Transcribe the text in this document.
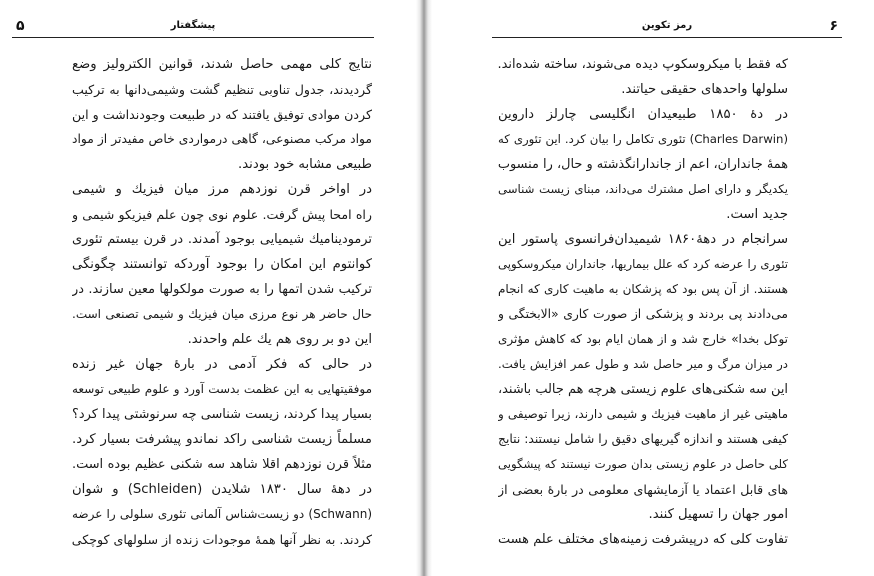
۵	پیشگفتار
نتایج کلی مهمی حاصل شدند، قوانین الکترولیز وضع
گردیدند، جدول تناوبی تنظیم گشت وشیمی‌دانها به ترکیب
کردن موادی توفیق یافتند که در طبیعت وجودنداشت و این
مواد مرکب مصنوعی، گاهی درمواردی خاص مفیدتر از مواد
طبیعی مشابه خود بودند.
در اواخر قرن نوزدهم مرز میان فیزیك و شیمی
راه امحا پیش گرفت. علوم نوی چون علم فیزیکو شیمی و
ترمودینامیك شیمیایی بوجود آمدند. در قرن بیستم تئوری
کوانتوم این امکان را بوجود آوردکه توانستند چگونگی
ترکیب شدن اتمها را به صورت مولکولها معین سازند. در
حال حاضر هر نوع مرزی میان فیزیك و شیمی تصنعی است.
این دو بر روی هم یك علم واحدند.
در حالی که فکر آدمی در بارهٔ جهان غیر زنده
موفقیتهایی به این عظمت بدست آورد و علوم طبیعی توسعه
بسیار پیدا کردند، زیست شناسی چه سرنوشتی پیدا کرد؟
مسلماً زیست شناسی راکد نماندو پیشرفت بسیار کرد.
مثلاً قرن نوزدهم اقلا شاهد سه شکنی عظیم بوده است.
در دههٔ سال ۱۸۳۰ شلایدن (Schleiden) و شوان
(Schwann) دو زیست‌شناس آلمانی تئوری سلولی را عرضه
کردند. به نظر آنها همهٔ موجودات زنده از سلولهای کوچکی
۶
رمز تکوین
که فقط با میکروسکوپ دیده می‌شوند، ساخته شده‌اند.
سلولها واحدهای حقیقی حیاتند.
در دهٔ ۱۸۵۰ طبیعیدان انگلیسی چارلز داروین
(Charles Darwin) تئوری تکامل را بیان کرد. این تئوری که
همهٔ جانداران، اعم از جاندارانگذشته و حال، را منسوب
یکدیگر و دارای اصل مشترك می‌داند، مبنای زیست شناسی
جدید است.
سرانجام در دههٔ۱۸۶۰ شیمیدان‌فرانسوی پاستور این
تئوری را عرضه کرد که علل بیماریها، جانداران میکروسکوپی
هستند. از آن پس بود که پزشکان به ماهیت کاری که انجام
می‌دادند پی بردند و پزشکی از صورت کاری «الابختگی و
توکل بخدا» خارج شد و از همان ایام بود که کاهش مؤثری
در میزان مرگ و میر حاصل شد و طول عمر افزایش یافت.
این سه شکنی‌های علوم زیستی هرچه هم جالب باشند،
ماهیتی غیر از ماهیت فیزیك و شیمی دارند، زیرا توصیفی و
کیفی هستند و اندازه گیریهای دقیق را شامل نیستند: نتایج
کلی حاصل در علوم زیستی بدان صورت نیستند که پیشگویی‌
های قابل اعتماد یا آزمایشهای معلومی در بارهٔ بعضی از
امور جهان را تسهیل کنند.
تفاوت کلی که درپیشرفت زمینه‌های مختلف علم هست
